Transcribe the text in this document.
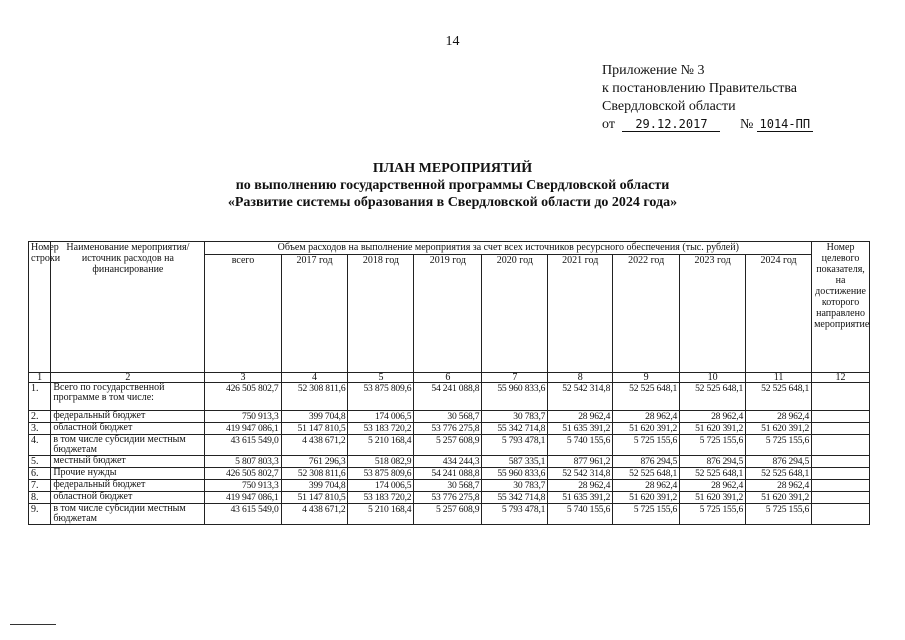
14
Приложение № 3
к постановлению Правительства
Свердловской области
от 29.12.2017 № 1014-ПП
ПЛАН МЕРОПРИЯТИЙ
по выполнению государственной программы Свердловской области
«Развитие системы образования в Свердловской области до 2024 года»
Номер строки	Наименование мероприятия/ источник расходов на финансирование	Объем расходов на выполнение мероприятия за счет всех источников ресурсного обеспечения (тыс. рублей)									Номер целевого показателя, на достижение которого направлено мероприятие
		всего	2017 год	2018 год	2019 год	2020 год	2021 год	2022 год	2023 год	2024 год	
1	2	3	4	5	6	7	8	9	10	11	12
1.	Всего по государственной программе в том числе:	426 505 802,7	52 308 811,6	53 875 809,6	54 241 088,8	55 960 833,6	52 542 314,8	52 525 648,1	52 525 648,1	52 525 648,1	
2.	федеральный бюджет	750 913,3	399 704,8	174 006,5	30 568,7	30 783,7	28 962,4	28 962,4	28 962,4	28 962,4	
3.	областной бюджет	419 947 086,1	51 147 810,5	53 183 720,2	53 776 275,8	55 342 714,8	51 635 391,2	51 620 391,2	51 620 391,2	51 620 391,2	
4.	в том числе субсидии местным бюджетам	43 615 549,0	4 438 671,2	5 210 168,4	5 257 608,9	5 793 478,1	5 740 155,6	5 725 155,6	5 725 155,6	5 725 155,6	
5.	местный бюджет	5 807 803,3	761 296,3	518 082,9	434 244,3	587 335,1	877 961,2	876 294,5	876 294,5	876 294,5	
6.	Прочие нужды	426 505 802,7	52 308 811,6	53 875 809,6	54 241 088,8	55 960 833,6	52 542 314,8	52 525 648,1	52 525 648,1	52 525 648,1	
7.	федеральный бюджет	750 913,3	399 704,8	174 006,5	30 568,7	30 783,7	28 962,4	28 962,4	28 962,4	28 962,4	
8.	областной бюджет	419 947 086,1	51 147 810,5	53 183 720,2	53 776 275,8	55 342 714,8	51 635 391,2	51 620 391,2	51 620 391,2	51 620 391,2	
9.	в том числе субсидии местным бюджетам	43 615 549,0	4 438 671,2	5 210 168,4	5 257 608,9	5 793 478,1	5 740 155,6	5 725 155,6	5 725 155,6	5 725 155,6	
